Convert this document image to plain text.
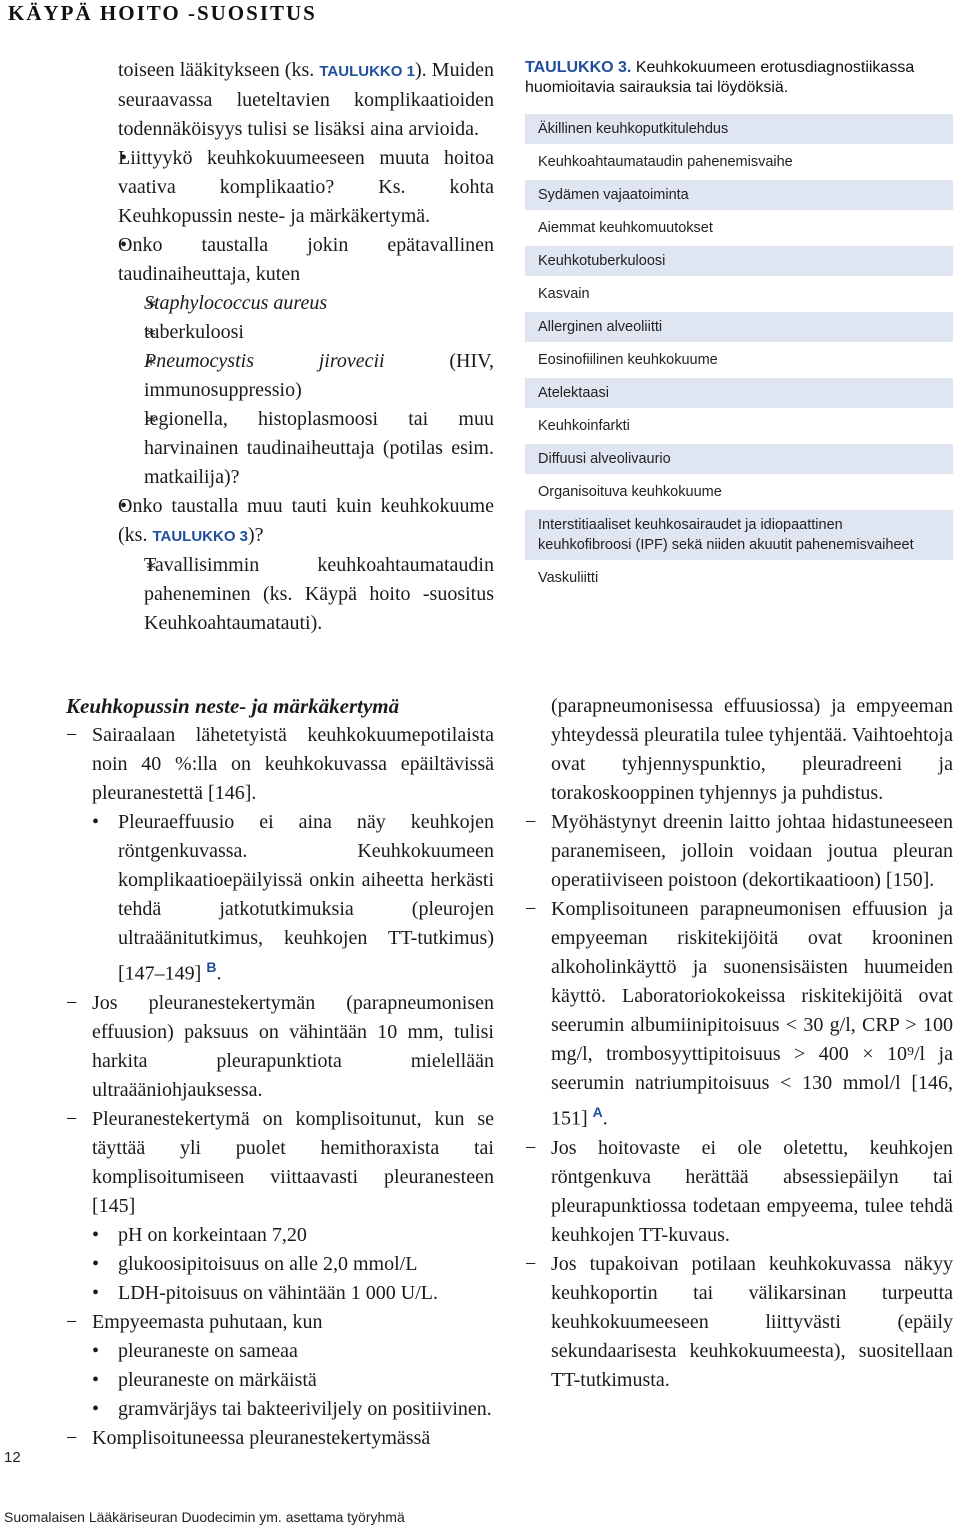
KÄYPÄ HOITO -SUOSITUS

toiseen lääkitykseen (ks. TAULUKKO 1). Muiden seuraavassa lueteltavien komplikaatioiden todennäköisyys tulisi se lisäksi aina arvioida.

• Liittyykö keuhkokuumeeseen muuta hoitoa vaativa komplikaatio? Ks. kohta Keuhkopussin neste- ja märkäkertymä.

• Onko taustalla jokin epätavallinen taudinaiheuttaja, kuten

∗ Staphylococcus aureus

∗ tuberkuloosi

∗ Pneumocystis jirovecii	(HIV, immunosuppressio)

∗ legionella, histoplasmoosi tai muu harvinainen taudinaiheuttaja (potilas esim. matkailija)?

• Onko taustalla muu tauti kuin keuhkokuume (ks. TAULUKKO 3)?

∗ Tavallisimmin keuhkoahtaumataudin paheneminen (ks. Käypä hoito -suositus Keuhkoahtaumatauti).

TAULUKKO 3. Keuhkokuumeen erotusdiagnostiikassa huomioitavia sairauksia tai löydöksiä.
Äkillinen keuhkoputkitulehdus
Keuhkoahtaumataudin pahenemisvaihe
Sydämen vajaatoiminta
Aiemmat keuhkomuutokset
Keuhkotuberkuloosi
Kasvain
Allerginen alveoliitti
Eosinofiilinen keuhkokuume
Atelektaasi
Keuhkoinfarkti
Diffuusi alveolivaurio
Organisoituva keuhkokuume
Interstitiaaliset keuhkosairaudet ja idiopaattinen keuhkofibroosi (IPF) sekä niiden akuutit pahenemisvaiheet
Vaskuliitti

Keuhkopussin neste- ja märkäkertymä

− Sairaalaan lähetetyistä keuhkokuumepotilaista noin 40 %:lla on keuhkokuvassa epäiltävissä pleuranestettä [146].

• Pleuraeffuusio ei aina näy keuhkojen röntgenkuvassa. Keuhkokuumeen komplikaatioepäilyissä onkin aiheetta herkästi tehdä jatkotutkimuksia (pleurojen ultraäänitutkimus, keuhkojen TT-tutkimus) [147–149] $^B$.

− Jos pleuranestekertymän (parapneumonisen effuusion) paksuus on vähintään 10 mm, tulisi harkita pleurapunktiota mielellään ultraääniohjauksessa.

− Pleuranestekertymä on komplisoitunut, kun se täyttää yli puolet hemithoraxista tai komplisoitumiseen viittaavasti pleuranesteen [145]

• pH on korkeintaan 7,20

• glukoosipitoisuus on alle 2,0 mmol/L

• LDH-pitoisuus on vähintään 1 000 U/L.

− Empyeemasta puhutaan, kun

• pleuraneste on sameaa

• pleuraneste on märkäistä

• gramvärjäys tai bakteeriviljely on positiivinen.

− Komplisoituneessa pleuranestekertymässä

(parapneumonisessa effuusiossa) ja empyeeman yhteydessä pleuratila tulee tyhjentää. Vaihtoehtoja ovat tyhjennyspunktio, pleuradreeni ja torakoskooppinen tyhjennys ja puhdistus.

− Myöhästynyt dreenin laitto johtaa hidastuneeseen paranemiseen, jolloin voidaan joutua pleuran operatiiviseen poistoon (dekortikaatioon) [150].

− Komplisoituneen parapneumonisen effuusion ja empyeeman riskitekijöitä ovat krooninen alkoholinkäyttö ja suonensisäisten huumeiden käyttö. Laboratoriokokeissa riskitekijöitä ovat seerumin albumiinipitoisuus < 30 g/l, CRP > 100 mg/l, trombosyyttipitoisuus > 400 × 10⁹/l ja seerumin natriumpitoisuus < 130 mmol/l [146, 151] $^A$.

− Jos hoitovaste ei ole oletettu, keuhkojen röntgenkuva herättää absessiepäilyn tai pleurapunktiossa todetaan empyeema, tulee tehdä keuhkojen TT-kuvaus.

− Jos tupakoivan potilaan keuhkokuvassa näkyy keuhkoportin tai välikarsinan turpeutta keuhkokuumeeseen liittyvästi (epäily sekundaarisesta keuhkokuumeesta), suositellaan TT-tutkimusta.

12
Suomalaisen Lääkäriseuran Duodecimin ym. asettama työryhmä
